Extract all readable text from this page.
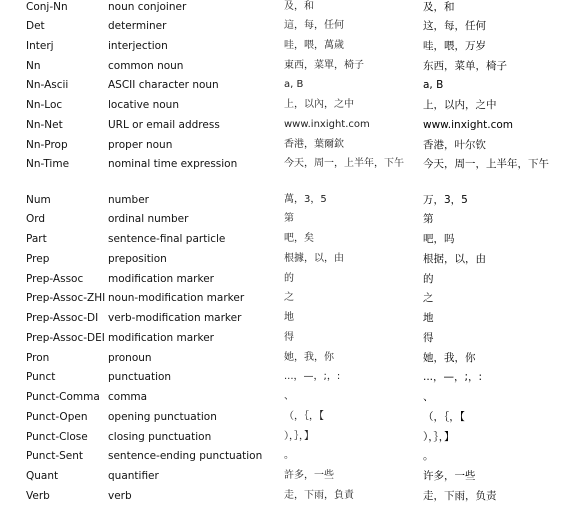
Conj-Nn	noun conjoiner	及，和	及，和
Det	determiner	這，每，任何	这，每，任何
Interj	interjection	哇，喂，萬歲	哇，喂，万岁
Nn	common noun	東西，菜單，椅子	东西，菜单，椅子
Nn-Ascii	ASCII character noun	a, B	a, B
Nn-Loc	locative noun	上，以內，之中	上，以内，之中
Nn-Net	URL or email address	www.inxight.com	www.inxight.com
Nn-Prop	proper noun	香港，葉爾欽	香港，叶尔钦
Nn-Time	nominal time expression	今天，周一，上半年，下午	今天，周一，上半年，下午
Num	number	萬，3，5	万，3，5
Ord	ordinal number	第	第
Part	sentence-final particle	吧，矣	吧，吗
Prep	preposition	根據，以，由	根据，以，由
Prep-Assoc	modification marker	的	的
Prep-Assoc-ZHI noun-modification marker	之	之
Prep-Assoc-DI verb-modification marker	地	地
Prep-Assoc-DEI modification marker	得	得
Pron	pronoun	她，我，你	她，我，你
Punct	punctuation	...，—，;，:	...，—，;，:
Punct-Comma comma	、	、
Punct-Open	opening punctuation	（，｛，【	（，｛，【
Punct-Close	closing punctuation	），｝，】	），｝，】
Punct-Sent	sentence-ending punctuation	。	。
Quant	quantifier	許多，一些	许多，一些
Verb	verb	走，下雨，負責	走，下雨，负责
